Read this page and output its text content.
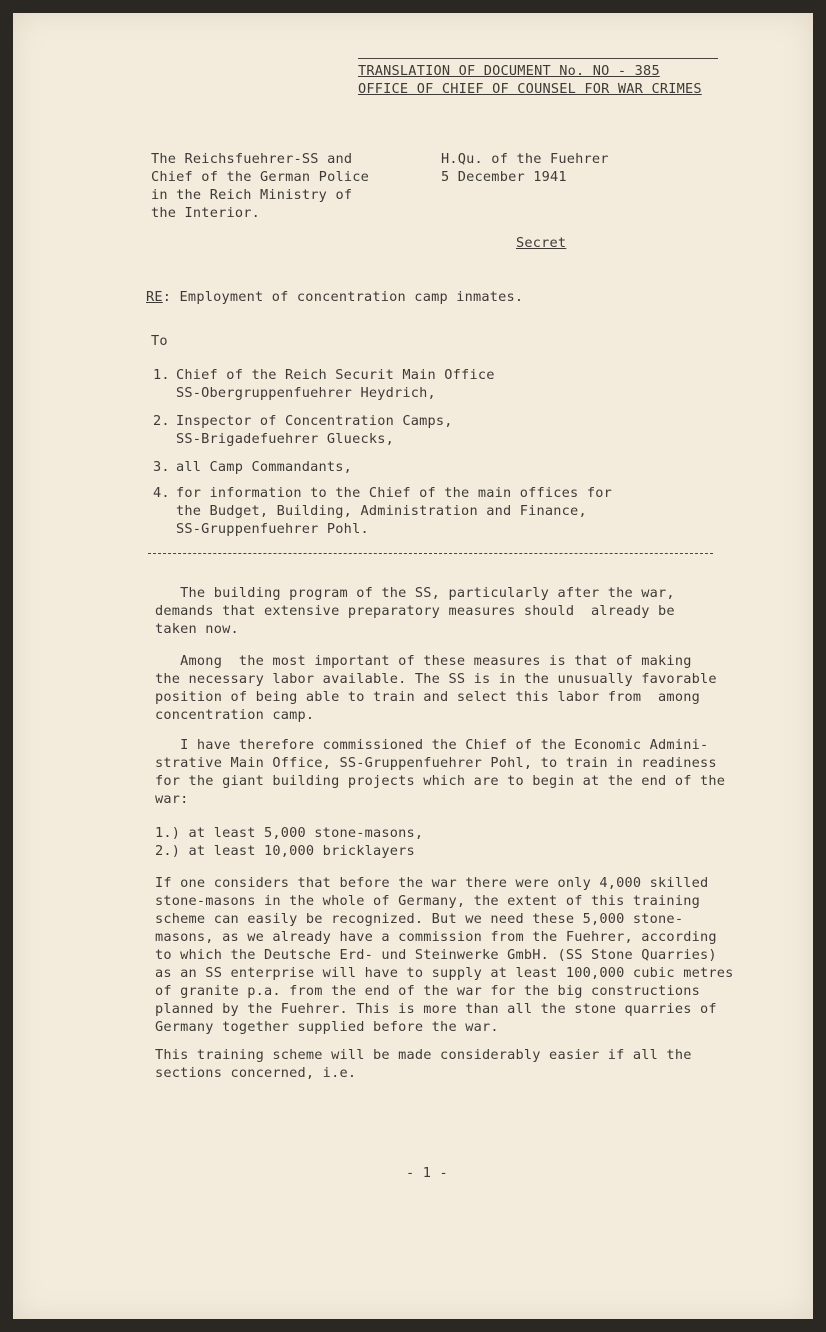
TRANSLATION OF DOCUMENT No. NO - 385
OFFICE OF CHIEF OF COUNSEL FOR WAR CRIMES
The Reichsfuehrer-SS and
Chief of the German Police
in the Reich Ministry of
the Interior.
H.Qu. of the Fuehrer
5 December 1941
Secret
RE: Employment of concentration camp inmates.
To
1. Chief of the Reich Securit Main Office
SS-Obergruppenfuehrer Heydrich,
2. Inspector of Concentration Camps,
SS-Brigadefuehrer Gluecks,
3. all Camp Commandants,
4. for information to the Chief of the main offices for
the Budget, Building, Administration and Finance,
SS-Gruppenfuehrer Pohl.
The building program of the SS, particularly after the war,
demands that extensive preparatory measures should  already be
taken now.
Among  the most important of these measures is that of making
the necessary labor available. The SS is in the unusually favorable
position of being able to train and select this labor from  among
concentration camp.
I have therefore commissioned the Chief of the Economic Admini-
strative Main Office, SS-Gruppenfuehrer Pohl, to train in readiness
for the giant building projects which are to begin at the end of the
war:
1.) at least 5,000 stone-masons,
2.) at least 10,000 bricklayers
If one considers that before the war there were only 4,000 skilled
stone-masons in the whole of Germany, the extent of this training
scheme can easily be recognized. But we need these 5,000 stone-
masons, as we already have a commission from the Fuehrer, according
to which the Deutsche Erd- und Steinwerke GmbH. (SS Stone Quarries)
as an SS enterprise will have to supply at least 100,000 cubic metres
of granite p.a. from the end of the war for the big constructions
planned by the Fuehrer. This is more than all the stone quarries of
Germany together supplied before the war.
This training scheme will be made considerably easier if all the
sections concerned, i.e.
- 1 -
